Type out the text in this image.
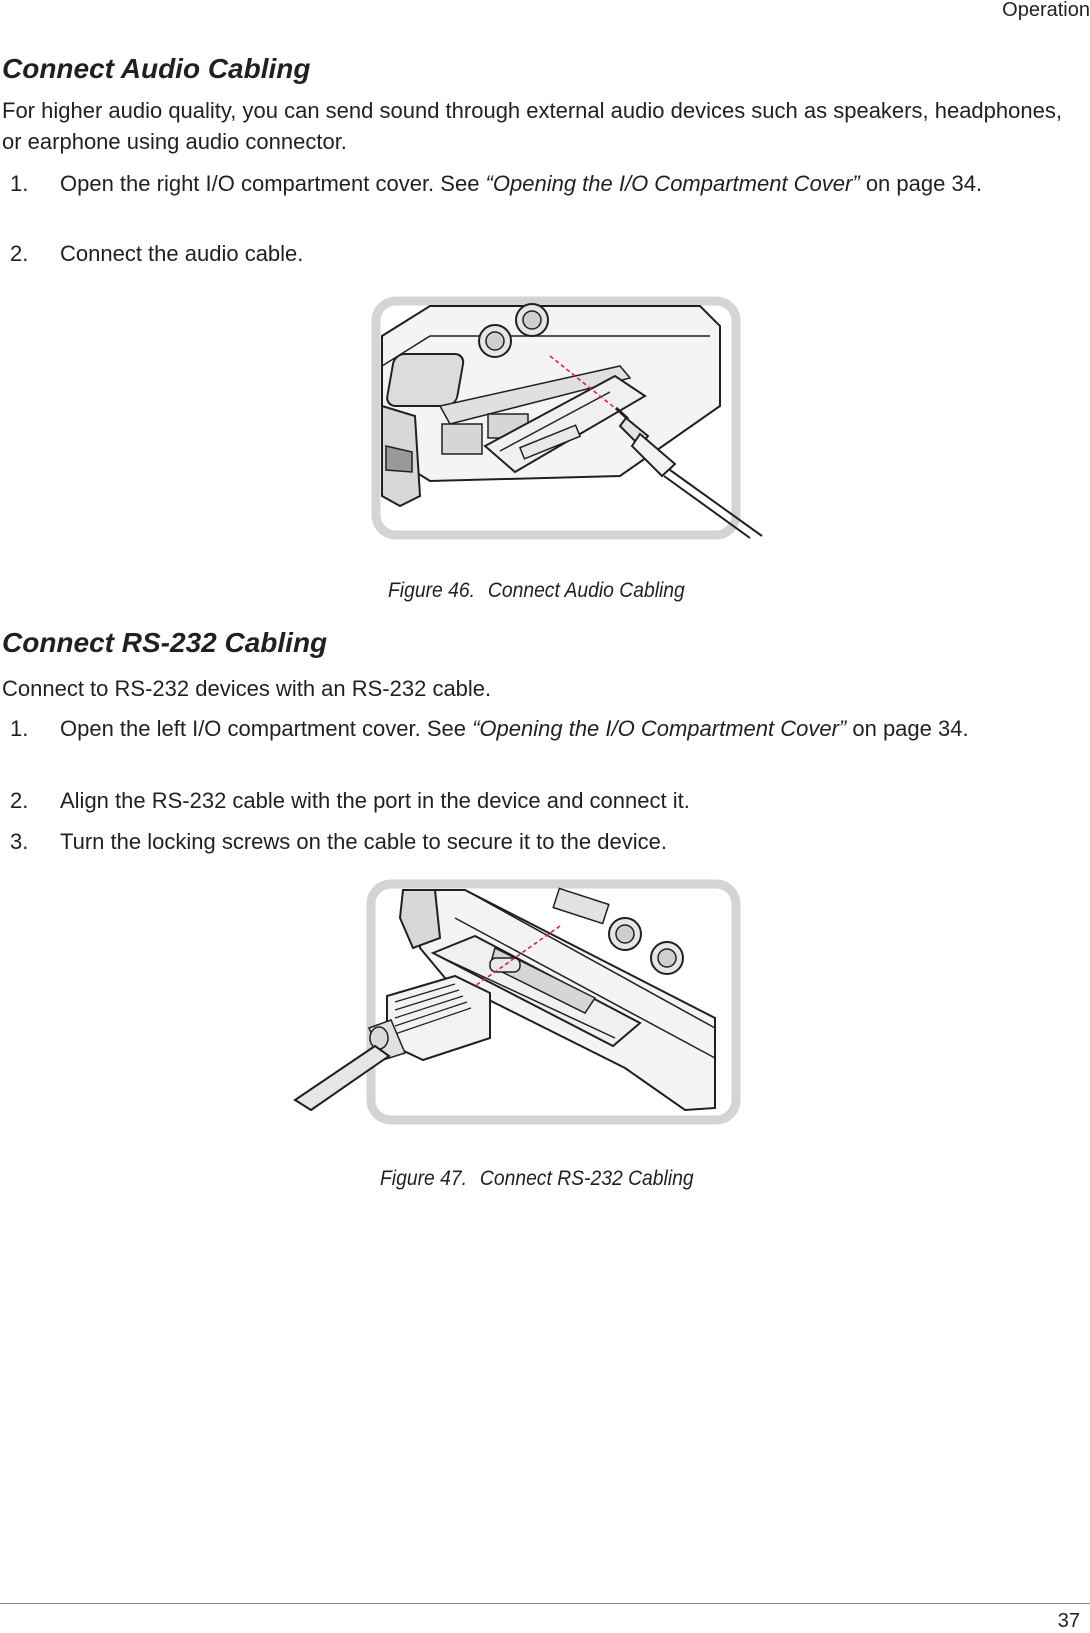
Operation
Connect Audio Cabling

For higher audio quality, you can send sound through external audio devices such as speakers, headphones, or earphone using audio connector.

1. Open the right I/O compartment cover. See “Opening the I/O Compartment Cover” on page 34.
2. Connect the audio cable.
Figure 46. Connect Audio Cabling
Connect RS-232 Cabling

Connect to RS-232 devices with an RS-232 cable.

1. Open the left I/O compartment cover. See “Opening the I/O Compartment Cover” on page 34.
2. Align the RS-232 cable with the port in the device and connect it.
3. Turn the locking screws on the cable to secure it to the device.
Figure 47. Connect RS-232 Cabling
37
